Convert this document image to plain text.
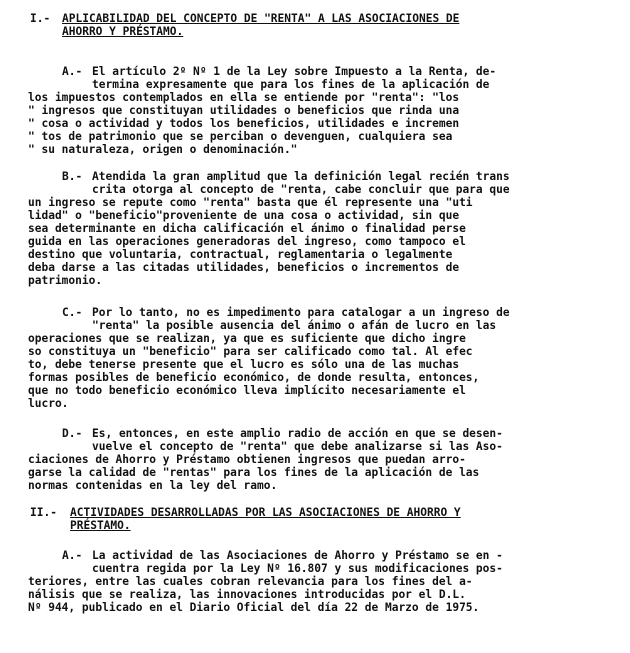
I.- APLICABILIDAD DEL CONCEPTO DE "RENTA" A LAS ASOCIACIONES DE
AHORRO Y PRÉSTAMO.
A.- El artículo 2º Nº 1 de la Ley sobre Impuesto a la Renta, de-
termina expresamente que para los fines de la aplicación de
los impuestos contemplados en ella se entiende por "renta": "los
" ingresos que constituyan utilidades o beneficios que rinda una
" cosa o actividad y todos los beneficios, utilidades e incremen
" tos de patrimonio que se perciban o devenguen, cualquiera sea
" su naturaleza, origen o denominación."
B.- Atendida la gran amplitud que la definición legal recién trans
crita otorga al concepto de "renta, cabe concluir que para que
un ingreso se repute como "renta" basta que él represente una "uti
lidad" o "beneficio"proveniente de una cosa o actividad, sin que
sea determinante en dicha calificación el ánimo o finalidad perse
guida en las operaciones generadoras del ingreso, como tampoco el
destino que voluntaria, contractual, reglamentaria o legalmente
deba darse a las citadas utilidades, beneficios o incrementos de
patrimonio.
C.- Por lo tanto, no es impedimento para catalogar a un ingreso de
"renta" la posible ausencia del ánimo o afán de lucro en las
operaciones que se realizan, ya que es suficiente que dicho ingre
so constituya un "beneficio" para ser calificado como tal. Al efec
to, debe tenerse presente que el lucro es sólo una de las muchas
formas posibles de beneficio económico, de donde resulta, entonces,
que no todo beneficio económico lleva implícito necesariamente el
lucro.
D.- Es, entonces, en este amplio radio de acción en que se desen-
vuelve el concepto de "renta" que debe analizarse si las Aso-
ciaciones de Ahorro y Préstamo obtienen ingresos que puedan arro-
garse la calidad de "rentas" para los fines de la aplicación de las
normas contenidas en la ley del ramo.
II.- ACTIVIDADES DESARROLLADAS POR LAS ASOCIACIONES DE AHORRO Y
PRÉSTAMO.
A.- La actividad de las Asociaciones de Ahorro y Préstamo se en -
cuentra regida por la Ley Nº 16.807 y sus modificaciones pos-
teriores, entre las cuales cobran relevancia para los fines del a-
nálisis que se realiza, las innovaciones introducidas por el D.L.
Nº 944, publicado en el Diario Oficial del día 22 de Marzo de 1975.
